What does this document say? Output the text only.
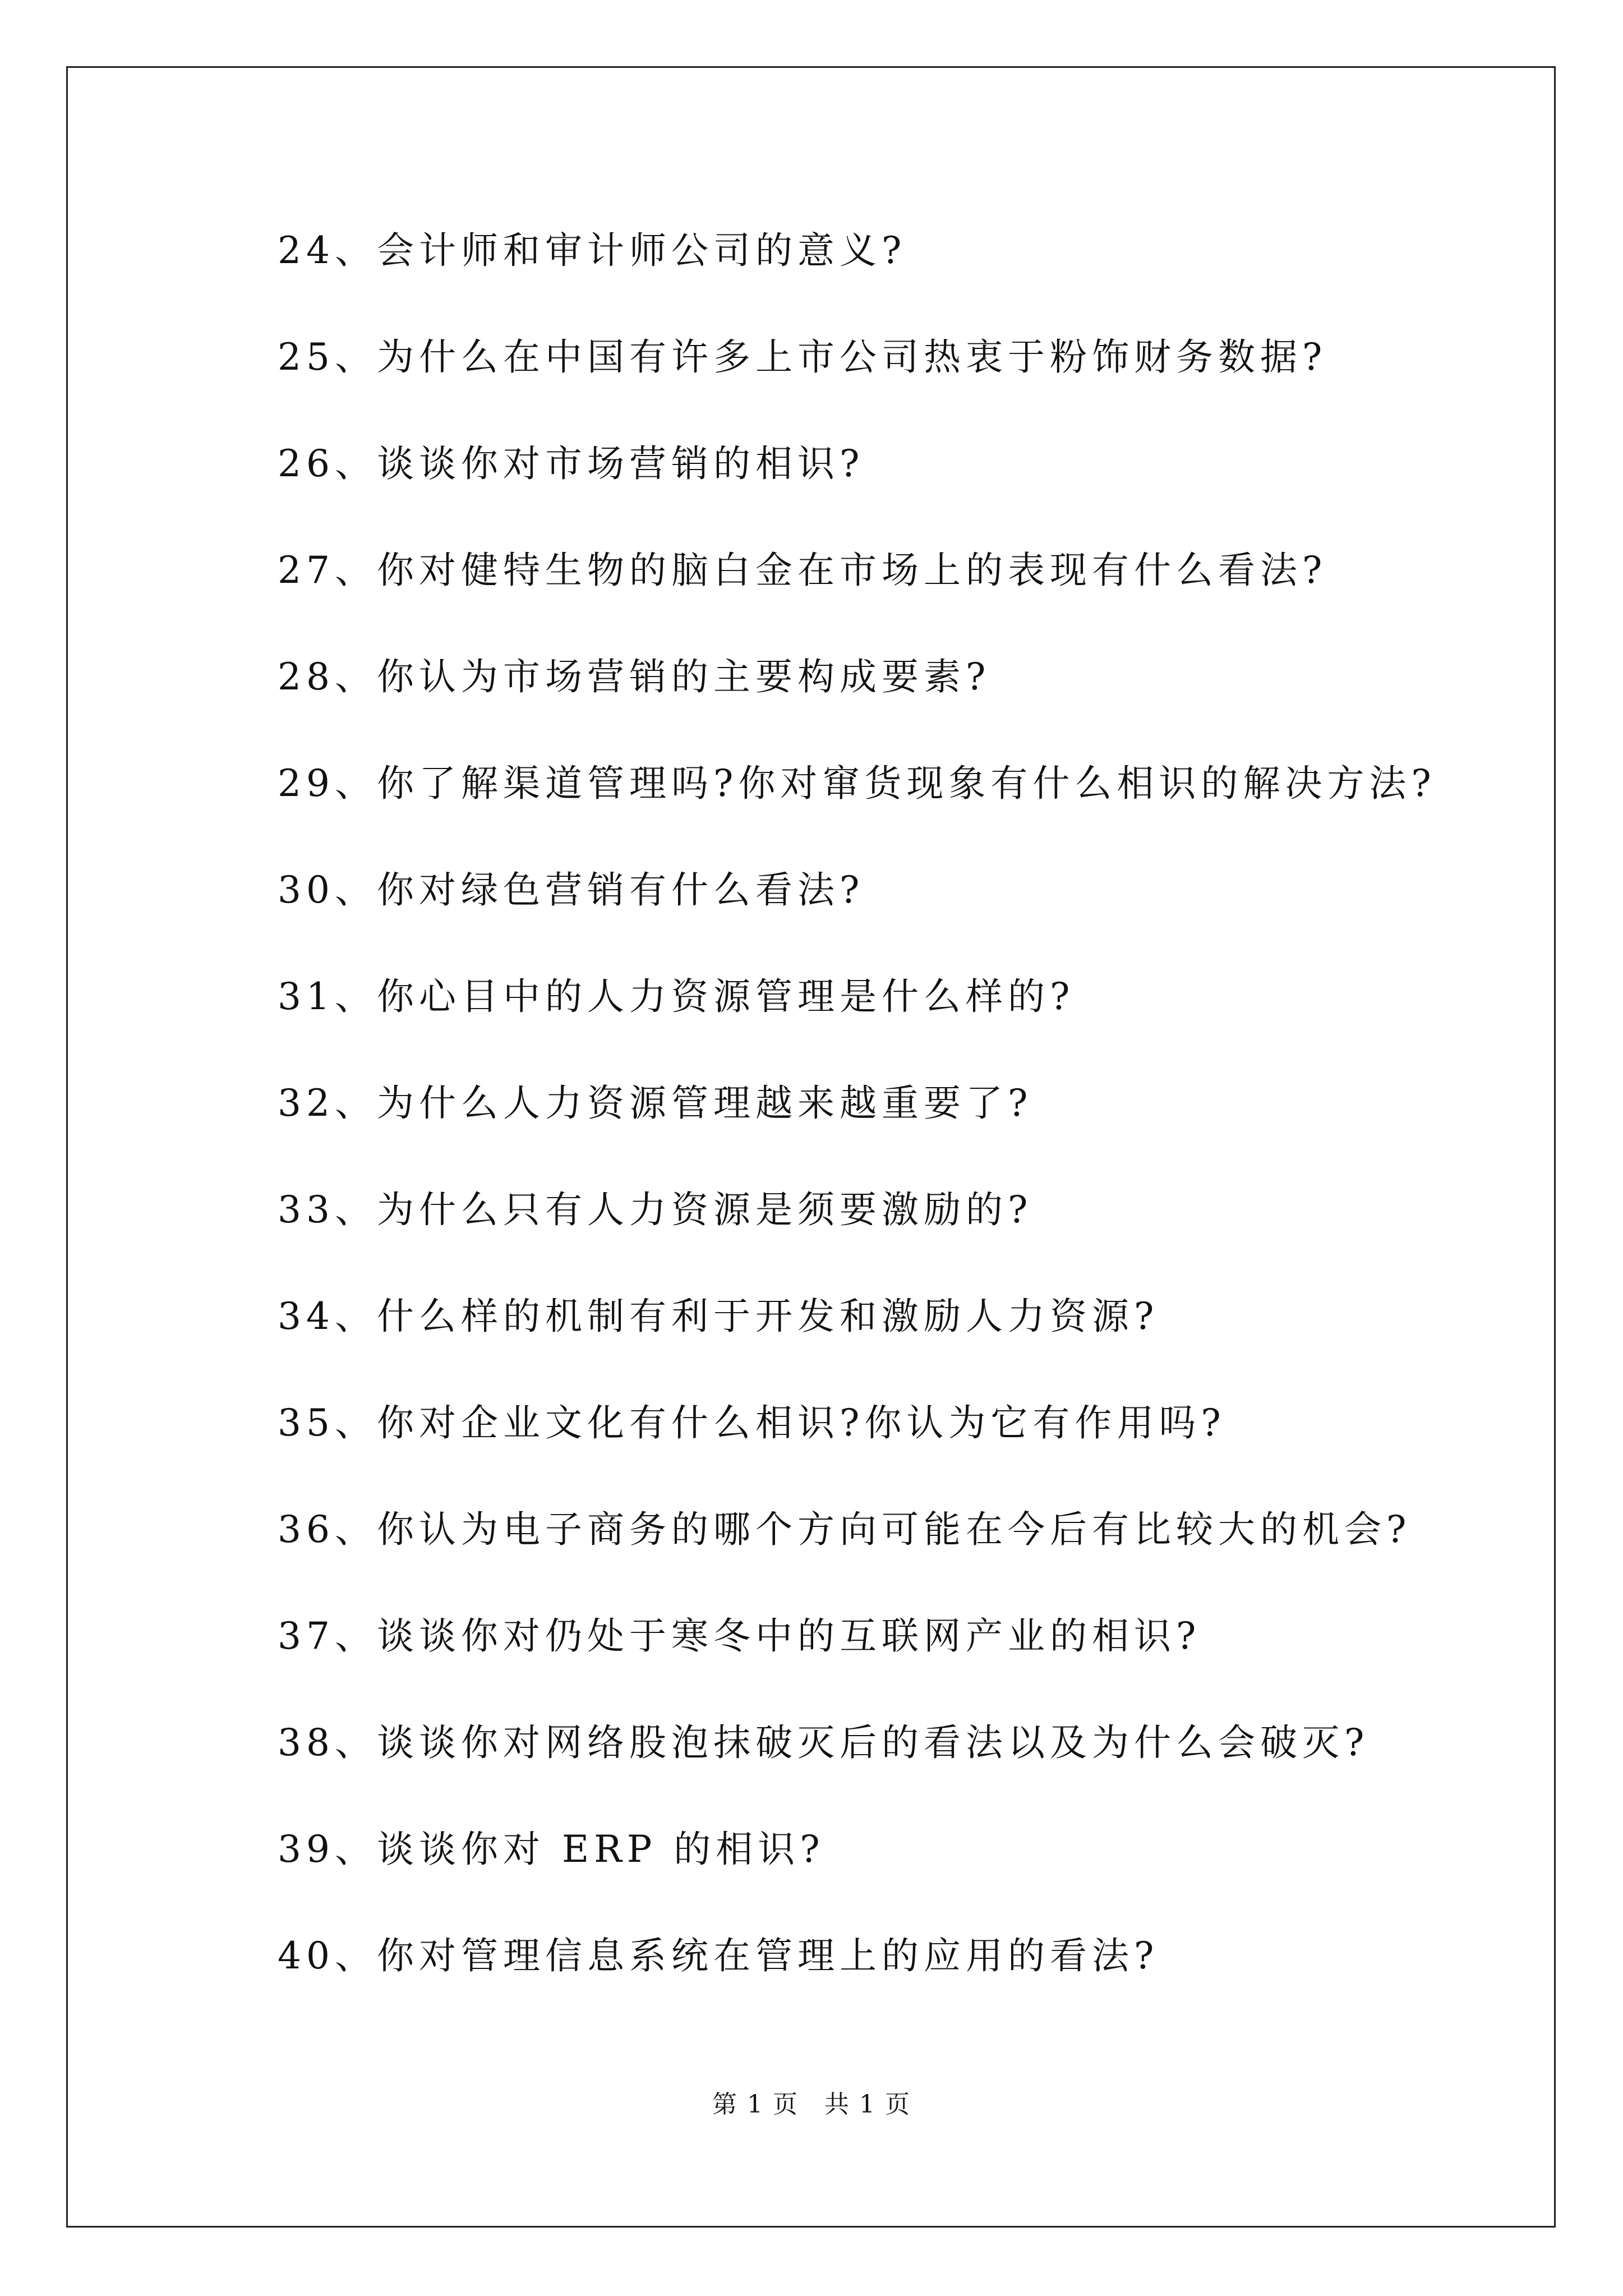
24、会计师和审计师公司的意义?
25、为什么在中国有许多上市公司热衷于粉饰财务数据?
26、谈谈你对市场营销的相识?
27、你对健特生物的脑白金在市场上的表现有什么看法?
28、你认为市场营销的主要构成要素?
29、你了解渠道管理吗?你对窜货现象有什么相识的解决方法?
30、你对绿色营销有什么看法?
31、你心目中的人力资源管理是什么样的?
32、为什么人力资源管理越来越重要了?
33、为什么只有人力资源是须要激励的?
34、什么样的机制有利于开发和激励人力资源?
35、你对企业文化有什么相识?你认为它有作用吗?
36、你认为电子商务的哪个方向可能在今后有比较大的机会?
37、谈谈你对仍处于寒冬中的互联网产业的相识?
38、谈谈你对网络股泡抹破灭后的看法以及为什么会破灭?
39、谈谈你对 ERP 的相识?
40、你对管理信息系统在管理上的应用的看法?
第 1 页　共 1 页
